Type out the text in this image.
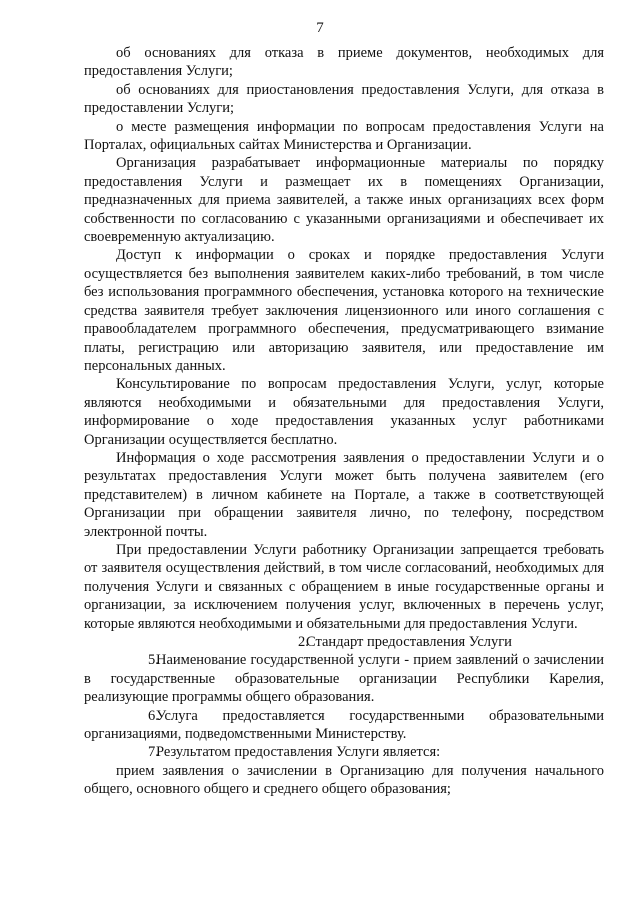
7

об основаниях для отказа в приеме документов, необходимых для предоставления Услуги;

об основаниях для приостановления предоставления Услуги, для отказа в предоставлении Услуги;

о месте размещения информации по вопросам предоставления Услуги на Порталах, официальных сайтах Министерства и Организации.

Организация разрабатывает информационные материалы по порядку предоставления Услуги и размещает их в помещениях Организации, предназначенных для приема заявителей, а также иных организациях всех форм собственности по согласованию с указанными организациями и обеспечивает их своевременную актуализацию.

Доступ к информации о сроках и порядке предоставления Услуги осуществляется без выполнения заявителем каких-либо требований, в том числе без использования программного обеспечения, установка которого на технические средства заявителя требует заключения лицензионного или иного соглашения с правообладателем программного обеспечения, предусматривающего взимание платы, регистрацию или авторизацию заявителя, или предоставление им персональных данных.

Консультирование по вопросам предоставления Услуги, услуг, которые являются необходимыми и обязательными для предоставления Услуги, информирование о ходе предоставления указанных услуг работниками Организации осуществляется бесплатно.

Информация о ходе рассмотрения заявления о предоставлении Услуги и о результатах предоставления Услуги может быть получена заявителем (его представителем) в личном кабинете на Портале, а также в соответствующей Организации при обращении заявителя лично, по телефону, посредством электронной почты.

При предоставлении Услуги работнику Организации запрещается требовать от заявителя осуществления действий, в том числе согласований, необходимых для получения Услуги и связанных с обращением в иные государственные органы и организации, за исключением получения услуг, включенных в перечень услуг, которые являются необходимыми и обязательными для предоставления Услуги.

2.Стандарт предоставления Услуги

5.Наименование государственной услуги - прием заявлений о зачислении в государственные образовательные организации Республики Карелия, реализующие программы общего образования.

6.Услуга предоставляется государственными образовательными организациями, подведомственными Министерству.

7.Результатом предоставления Услуги является:

прием заявления о зачислении в Организацию для получения начального общего, основного общего и среднего общего образования;
